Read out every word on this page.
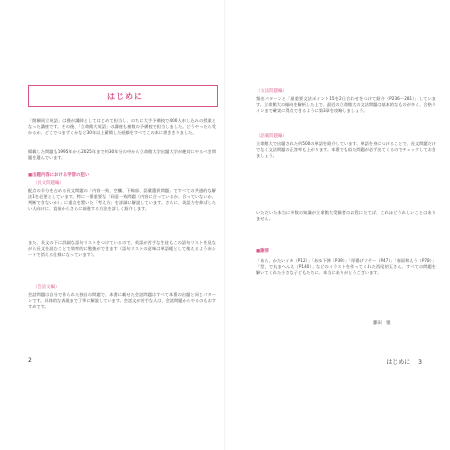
はじめに

「開願同立英語」は僕が講師としてはじめて担当し、のちに大手予備校で400人申し込みの授業となった講座です。その後、「立命館大英語」の講座も複数の予備校で担当しました。どうやったら受かるか、どこでつまずくかなど30年以上蓄積した経験をすべてこの本に書ききりました。

掲載した問題も1995年から2025年まで約30年分の中から立命館大学出題大学が絶対にやるべき問題を選んでいます。

■出題内容における学習の狙い

（長文問題編）

配点の半分を占める長文問題の「内容一致、空欄、下線部、語彙選択問題」ですべての共通的な解法1を必要としています。特に一番重要な「同意一致問題（内容に合っているか、合っていないか、判断できないか）」に重点を置いた「考え方」を詳細に解説しています。さらに、英語力を伸ばしたい人向けに、直前からさらに前進する方法を詳しく紹介します。

また、長文の下に詳細な語句リストをつけているので、英語が苦手な生徒もこの語句リストを見ながら長文を読むことで効率的に勉強ができます（語句リストの意味は単語帳として使えるよう赤シートで消える仕様になっています）。

（会話文編）

会話問題は自分で作られた独自の問題で、本書に載せた会話問題はすべて本番の出題と同じパターンです。具体的な表現まで丁寧に解説しています。会話文が苦手な人は、会話問題からやるのもおすすめです。

2

（文法問題編）

頻出パターンと「最重要文法ポイント15を2日合わせをつけて紹介（P236〜281）」しています。立命館大の傾向を解析した上で、最近の立命館大の文法問題は基本的なものが多く、合格ラインまで確実に得点できるように第3章を攻略しましょう。

（語彙問題編）

立命館大で出題された約500の単語を紹介しています。単語を身につけることで、長文問題だけでなく文法問題の正答率も上がります。本番でも似た問題が必ず出てくるのでチェックしておきましょう。

いただいた本当に多数の知識が立命館大受験者のお役にたてば、これほどうれしいことはありません。

■謝辞

「あら、かたいイカ（P12）」「あゆ下弾（P39）」「厚揚げソテー（P47）」「春雨和えう（P78）」「型、で丸まへんえ（P140）」などのイラストを作ってくれた西尾初玉さん、すべての問題を解いてくれた小さな子どもたちに、本当にありがとうございます。

藤田　憧
はじめに 3
